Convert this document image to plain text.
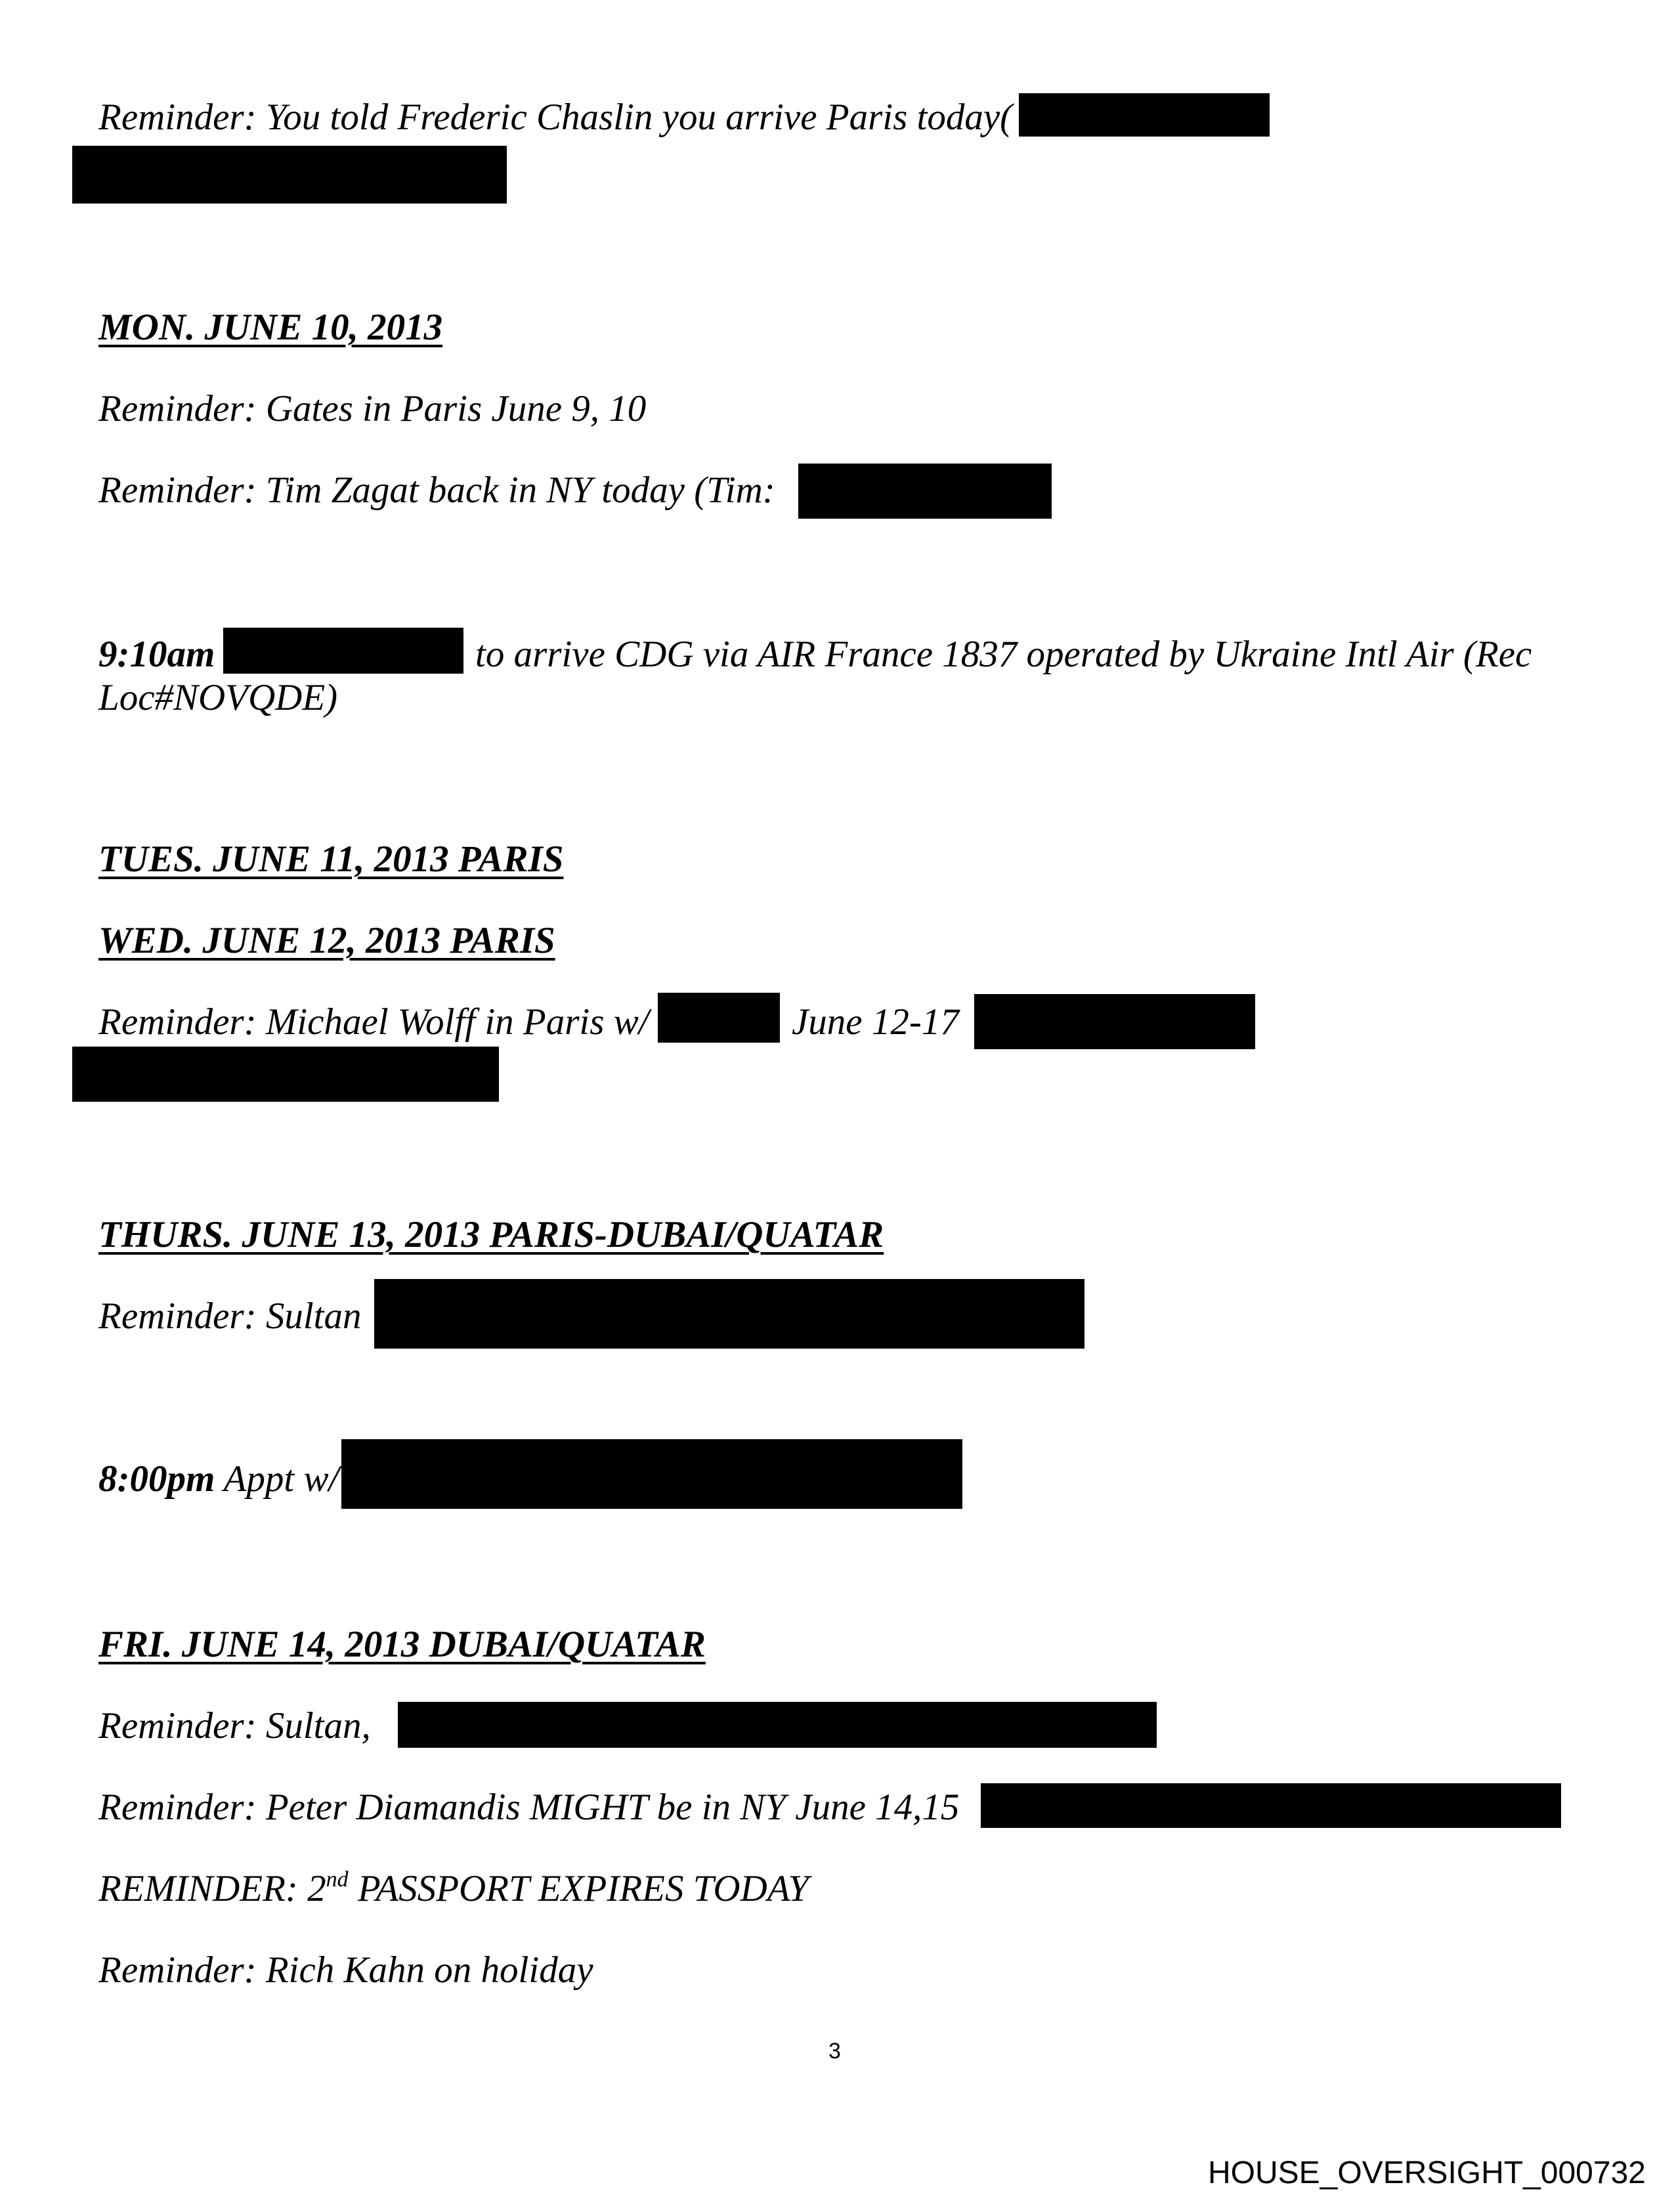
Reminder: You told Frederic Chaslin you arrive Paris today(
MON. JUNE 10, 2013
Reminder: Gates in Paris June 9, 10
Reminder: Tim Zagat back in NY today (Tim:
9:10am	to arrive CDG via AIR France 1837 operated by Ukraine Intl Air (Rec
Loc#NOVQDE)
TUES. JUNE 11, 2013 PARIS
WED. JUNE 12, 2013 PARIS
Reminder: Michael Wolff in Paris w/	June 12-17
THURS. JUNE 13, 2013 PARIS-DUBAI/QUATAR
Reminder: Sultan
8:00pm Appt w/
FRI. JUNE 14, 2013 DUBAI/QUATAR
Reminder: Sultan,
Reminder: Peter Diamandis MIGHT be in NY June 14,15
REMINDER: 2nd PASSPORT EXPIRES TODAY
Reminder: Rich Kahn on holiday
3
HOUSE_OVERSIGHT_000732
